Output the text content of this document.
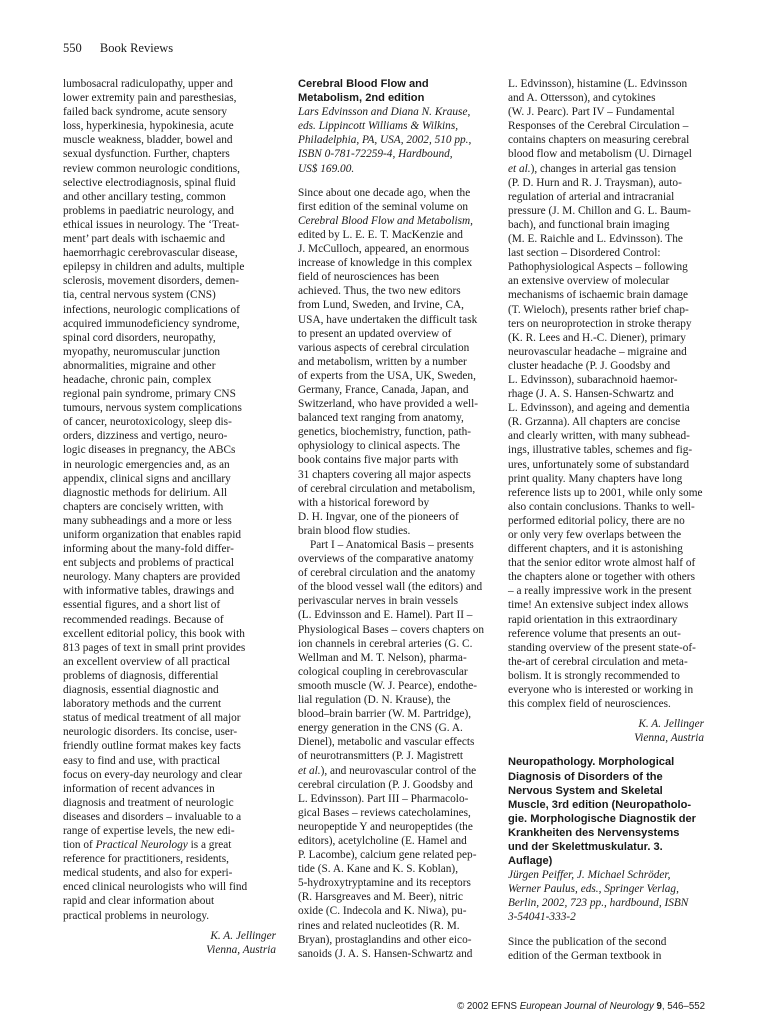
550 Book Reviews

lumbosacral radiculopathy, upper and
lower extremity pain and paresthesias,
failed back syndrome, acute sensory
loss, hyperkinesia, hypokinesia, acute
muscle weakness, bladder, bowel and
sexual dysfunction. Further, chapters
review common neurologic conditions,
selective electrodiagnosis, spinal fluid
and other ancillary testing, common
problems in paediatric neurology, and
ethical issues in neurology. The ‘Treat-
ment’ part deals with ischaemic and
haemorrhagic cerebrovascular disease,
epilepsy in children and adults, multiple
sclerosis, movement disorders, demen-
tia, central nervous system (CNS)
infections, neurologic complications of
acquired immunodeficiency syndrome,
spinal cord disorders, neuropathy,
myopathy, neuromuscular junction
abnormalities, migraine and other
headache, chronic pain, complex
regional pain syndrome, primary CNS
tumours, nervous system complications
of cancer, neurotoxicology, sleep dis-
orders, dizziness and vertigo, neuro-
logic diseases in pregnancy, the ABCs
in neurologic emergencies and, as an
appendix, clinical signs and ancillary
diagnostic methods for delirium. All
chapters are concisely written, with
many subheadings and a more or less
uniform organization that enables rapid
informing about the many-fold differ-
ent subjects and problems of practical
neurology. Many chapters are provided
with informative tables, drawings and
essential figures, and a short list of
recommended readings. Because of
excellent editorial policy, this book with
813 pages of text in small print provides
an excellent overview of all practical
problems of diagnosis, differential
diagnosis, essential diagnostic and
laboratory methods and the current
status of medical treatment of all major
neurologic disorders. Its concise, user-
friendly outline format makes key facts
easy to find and use, with practical
focus on every-day neurology and clear
information of recent advances in
diagnosis and treatment of neurologic
diseases and disorders – invaluable to a
range of expertise levels, the new edi-

tion of Practical Neurology is a great

reference for practitioners, residents,
medical students, and also for experi-
enced clinical neurologists who will find
rapid and clear information about
practical problems in neurology.

K. A. Jellinger
Vienna, Austria
Cerebral Blood Flow and
Metabolism, 2nd edition
Lars Edvinsson and Diana N. Krause,
eds. Lippincott Williams & Wilkins,
Philadelphia, PA, USA, 2002, 510 pp.,
ISBN 0-781-72259-4, Hardbound,
US$ 169.00.

Since about one decade ago, when the
first edition of the seminal volume on

Cerebral Blood Flow and Metabolism,

edited by L. E. E. T. MacKenzie and
J. McCulloch, appeared, an enormous
increase of knowledge in this complex
field of neurosciences has been
achieved. Thus, the two new editors
from Lund, Sweden, and Irvine, CA,
USA, have undertaken the difficult task
to present an updated overview of
various aspects of cerebral circulation
and metabolism, written by a number
of experts from the USA, UK, Sweden,
Germany, France, Canada, Japan, and
Switzerland, who have provided a well-
balanced text ranging from anatomy,
genetics, biochemistry, function, path-
ophysiology to clinical aspects. The
book contains five major parts with
31 chapters covering all major aspects
of cerebral circulation and metabolism,
with a historical foreword by
D. H. Ingvar, one of the pioneers of
brain blood flow studies.

Part I – Anatomical Basis – presents

overviews of the comparative anatomy
of cerebral circulation and the anatomy
of the blood vessel wall (the editors) and
perivascular nerves in brain vessels
(L. Edvinsson and E. Hamel). Part II –
Physiological Bases – covers chapters on
ion channels in cerebral arteries (G. C.
Wellman and M. T. Nelson), pharma-
cological coupling in cerebrovascular
smooth muscle (W. J. Pearce), endothe-
lial regulation (D. N. Krause), the
blood–brain barrier (W. M. Partridge),
energy generation in the CNS (G. A.
Dienel), metabolic and vascular effects
of neurotransmitters (P. J. Magistrett

et al.), and neurovascular control of the

cerebral circulation (P. J. Goodsby and
L. Edvinsson). Part III – Pharmacolo-
gical Bases – reviews catecholamines,
neuropeptide Y and neuropeptides (the
editors), acetylcholine (E. Hamel and
P. Lacombe), calcium gene related pep-
tide (S. A. Kane and K. S. Koblan),
5-hydroxytryptamine and its receptors
(R. Harsgreaves and M. Beer), nitric
oxide (C. Indecola and K. Niwa), pu-
rines and related nucleotides (R. M.
Bryan), prostaglandins and other eico-
sanoids (J. A. S. Hansen-Schwartz and

L. Edvinsson), histamine (L. Edvinsson
and A. Ottersson), and cytokines
(W. J. Pearc). Part IV – Fundamental
Responses of the Cerebral Circulation –
contains chapters on measuring cerebral
blood flow and metabolism (U. Dirnagel

et al.), changes in arterial gas tension

(P. D. Hurn and R. J. Traysman), auto-
regulation of arterial and intracranial
pressure (J. M. Chillon and G. L. Baum-
bach), and functional brain imaging
(M. E. Raichle and L. Edvinsson). The
last section – Disordered Control:
Pathophysiological Aspects – following
an extensive overview of molecular
mechanisms of ischaemic brain damage
(T. Wieloch), presents rather brief chap-
ters on neuroprotection in stroke therapy
(K. R. Lees and H.-C. Diener), primary
neurovascular headache – migraine and
cluster headache (P. J. Goodsby and
L. Edvinsson), subarachnoid haemor-
rhage (J. A. S. Hansen-Schwartz and
L. Edvinsson), and ageing and dementia
(R. Grzanna). All chapters are concise
and clearly written, with many subhead-
ings, illustrative tables, schemes and fig-
ures, unfortunately some of substandard
print quality. Many chapters have long
reference lists up to 2001, while only some
also contain conclusions. Thanks to well-
performed editorial policy, there are no
or only very few overlaps between the
different chapters, and it is astonishing
that the senior editor wrote almost half of
the chapters alone or together with others
– a really impressive work in the present
time! An extensive subject index allows
rapid orientation in this extraordinary
reference volume that presents an out-
standing overview of the present state-of-
the-art of cerebral circulation and meta-
bolism. It is strongly recommended to
everyone who is interested or working in
this complex field of neurosciences.

K. A. Jellinger
Vienna, Austria
Neuropathology. Morphological
Diagnosis of Disorders of the
Nervous System and Skeletal
Muscle, 3rd edition (Neuropatholo-
gie. Morphologische Diagnostik der
Krankheiten des Nervensystems
und der Skelettmuskulatur. 3.
Auflage)
Jürgen Peiffer, J. Michael Schröder,
Werner Paulus, eds., Springer Verlag,
Berlin, 2002, 723 pp., hardbound, ISBN
3-54041-333-2

Since the publication of the second
edition of the German textbook in

© 2002 EFNS European Journal of Neurology 9, 546–552
